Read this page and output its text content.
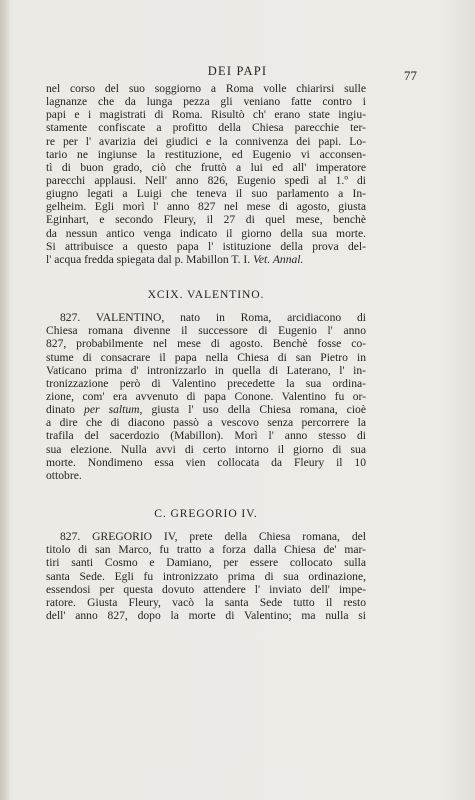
DEI PAPI	77
nel corso del suo soggiorno a Roma volle chiarirsi sulle
lagnanze che da lunga pezza gli veniano fatte contro i
papi e i magistrati di Roma. Risultò ch' erano state ingiu-
stamente confiscate a profitto della Chiesa parecchie ter-
re per l' avarizia dei giudici e la connivenza dei papi. Lo-
tario ne ingiunse la restituzione, ed Eugenio vi acconsen-
tì di buon grado, ciò che fruttò a lui ed all' imperatore
parecchi applausi. Nell' anno 826, Eugenio spedì al 1.º di
giugno legati a Luigi che teneva il suo parlamento a In-
gelheim. Egli morì l' anno 827 nel mese di agosto, giusta
Eginhart, e secondo Fleury, il 27 di quel mese, benchè
da nessun antico venga indicato il giorno della sua morte.
Si attribuisce a questo papa l' istituzione della prova del-
l' acqua fredda spiegata dal p. Mabillon T. I. Vet. Annal.
XCIX. VALENTINO.
827. VALENTINO, nato in Roma, arcidiacono di
Chiesa romana divenne il successore di Eugenio l' anno
827, probabilmente nel mese di agosto. Benchè fosse co-
stume di consacrare il papa nella Chiesa di san Pietro in
Vaticano prima d' intronizzarlo in quella di Laterano, l' in-
tronizzazione però di Valentino precedette la sua ordina-
zione, com' era avvenuto di papa Conone. Valentino fu or-
dinato per saltum, giusta l' uso della Chiesa romana, cioè
a dire che di diacono passò a vescovo senza percorrere la
trafila del sacerdozio (Mabillon). Morì l' anno stesso di
sua elezione. Nulla avvi di certo intorno il giorno di sua
morte. Nondimeno essa vien collocata da Fleury il 10
ottobre.
C. GREGORIO IV.
827. GREGORIO IV, prete della Chiesa romana, del
titolo di san Marco, fu tratto a forza dalla Chiesa de' mar-
tiri santi Cosmo e Damiano, per essere collocato sulla
santa Sede. Egli fu intronizzato prima di sua ordinazione,
essendosi per questa dovuto attendere l' inviato dell' impe-
ratore. Giusta Fleury, vacò la santa Sede tutto il resto
dell' anno 827, dopo la morte di Valentino; ma nulla si
